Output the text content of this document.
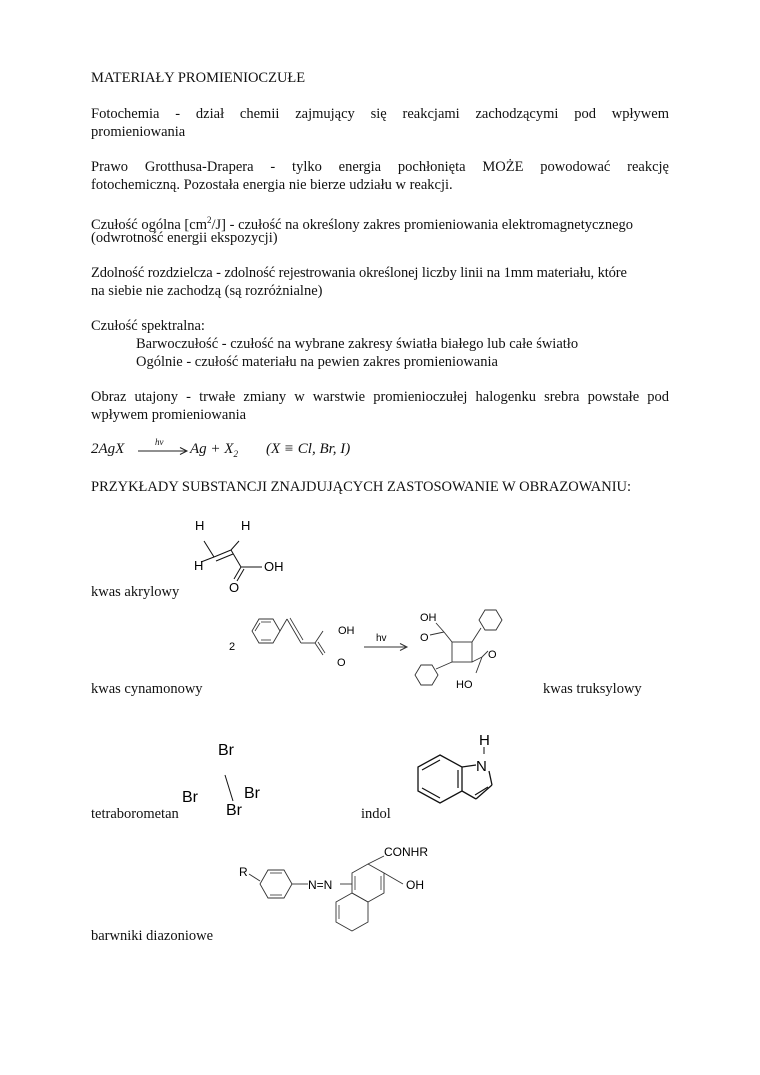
MATERIAŁY PROMIENIOCZUŁE
Fotochemia - dział chemii zajmujący się reakcjami zachodzącymi pod wpływem
promieniowania
Prawo Grotthusa-Drapera - tylko energia pochłonięta MOŻE powodować reakcję
fotochemiczną. Pozostała energia nie bierze udziału w reakcji.
Czułość ogólna $[cm^2/J]$ - czułość na określony zakres promieniowania elektromagnetycznego
(odwrotność energii ekspozycji)
Zdolność rozdzielcza - zdolność rejestrowania określonej liczby linii na 1mm materiału, które
na siebie nie zachodzą (są rozróżnialne)
Czułość spektralna:
Barwoczułość - czułość na wybrane zakresy światła białego lub całe światło
Ogólnie - czułość materiału na pewien zakres promieniowania
Obraz utajony - trwałe zmiany w warstwie promienioczułej halogenku srebra powstałe pod
wpływem promieniowania
2AgX	hν $Ag + X_2$ (X ≡ Cl, Br, I)
PRZYKŁADY SUBSTANCJI ZNAJDUJĄCYCH ZASTOSOWANIE W OBRAZOWANIU:
H	H
H	OH
O
kwas akrylowy
2
OH
O
hv
kwas cynamonowy
OH
O
O
HO	kwas truksylowy
Br
Br
Br
Br
tetraborometan
H
N
indol
CONHR
OH
R
N=N
barwniki diazoniowe
